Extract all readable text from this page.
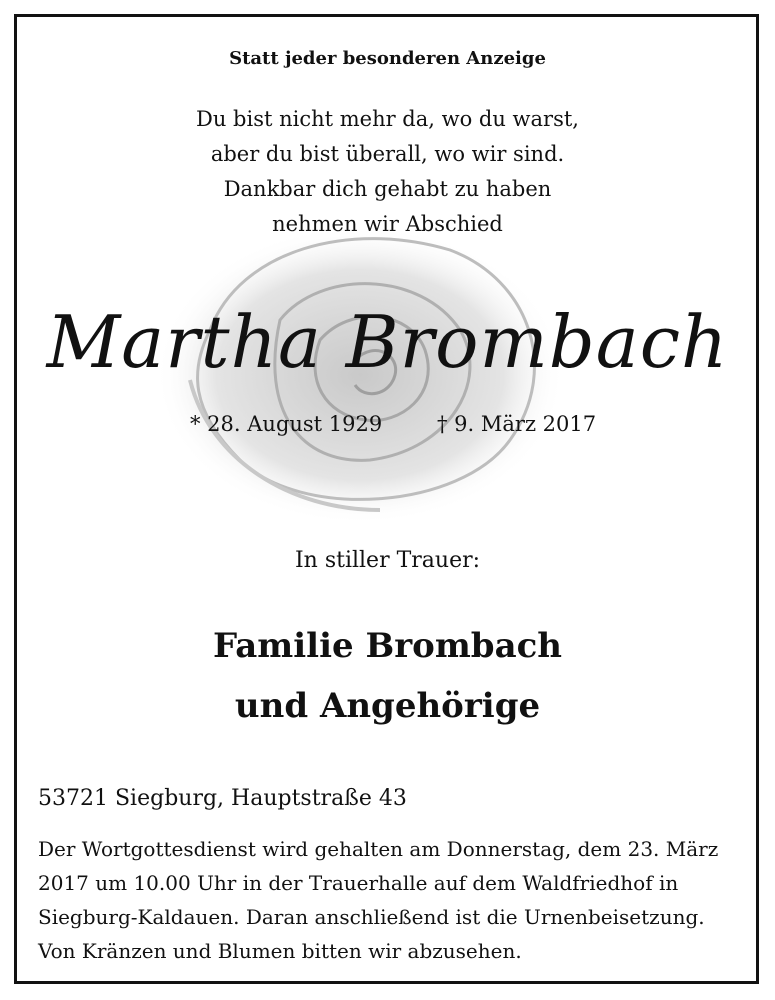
Statt jeder besonderen Anzeige
Du bist nicht mehr da, wo du warst,
aber du bist überall, wo wir sind.
Dankbar dich gehabt zu haben
nehmen wir Abschied
Martha Brombach
* 28. August 1929	† 9. März 2017
In stiller Trauer:
Familie Brombach
und Angehörige
53721 Siegburg, Hauptstraße 43
Der Wortgottesdienst wird gehalten am Donnerstag, dem 23. März
2017 um 10.00 Uhr in der Trauerhalle auf dem Waldfriedhof in
Siegburg-Kaldauen. Daran anschließend ist die Urnenbeisetzung.
Von Kränzen und Blumen bitten wir abzusehen.
